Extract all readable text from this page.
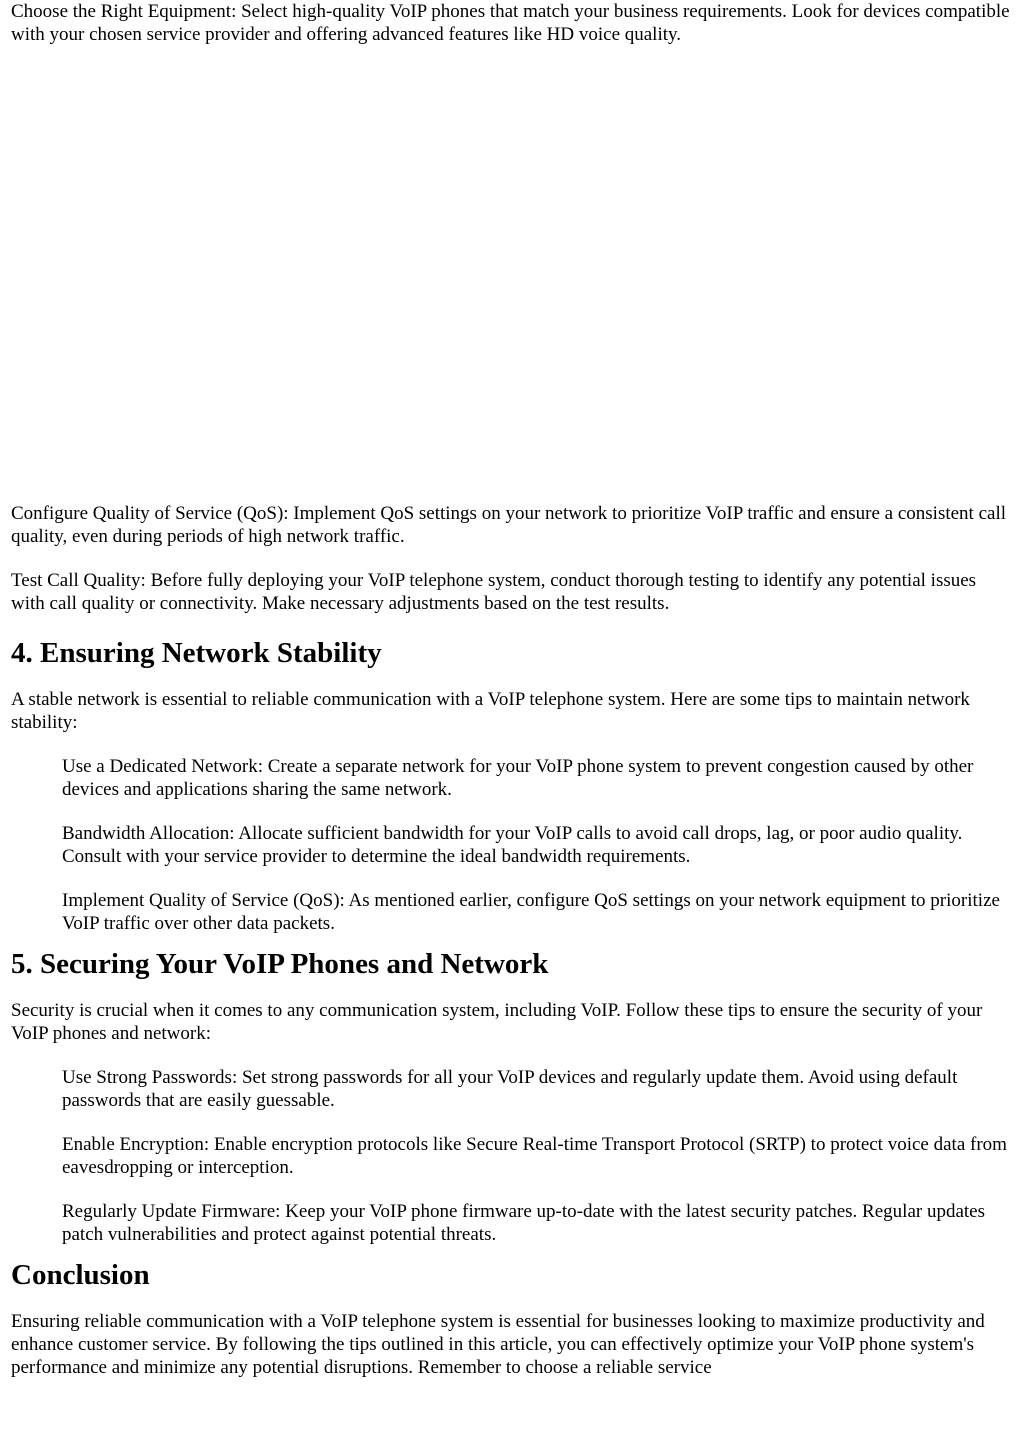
Choose the Right Equipment: Select high-quality VoIP phones that match your business requirements. Look for devices compatible with your chosen service provider and offering advanced features like HD voice quality.

Configure Quality of Service (QoS): Implement QoS settings on your network to prioritize VoIP traffic and ensure a consistent call quality, even during periods of high network traffic.

Test Call Quality: Before fully deploying your VoIP telephone system, conduct thorough testing to identify any potential issues with call quality or connectivity. Make necessary adjustments based on the test results.

4. Ensuring Network Stability

A stable network is essential to reliable communication with a VoIP telephone system. Here are some tips to maintain network stability:

Use a Dedicated Network: Create a separate network for your VoIP phone system to prevent congestion caused by other devices and applications sharing the same network.

Bandwidth Allocation: Allocate sufficient bandwidth for your VoIP calls to avoid call drops, lag, or poor audio quality. Consult with your service provider to determine the ideal bandwidth requirements.

Implement Quality of Service (QoS): As mentioned earlier, configure QoS settings on your network equipment to prioritize VoIP traffic over other data packets.

5. Securing Your VoIP Phones and Network

Security is crucial when it comes to any communication system, including VoIP. Follow these tips to ensure the security of your VoIP phones and network:

Use Strong Passwords: Set strong passwords for all your VoIP devices and regularly update them. Avoid using default passwords that are easily guessable.

Enable Encryption: Enable encryption protocols like Secure Real-time Transport Protocol (SRTP) to protect voice data from eavesdropping or interception.

Regularly Update Firmware: Keep your VoIP phone firmware up-to-date with the latest security patches. Regular updates patch vulnerabilities and protect against potential threats.

Conclusion

Ensuring reliable communication with a VoIP telephone system is essential for businesses looking to maximize productivity and enhance customer service. By following the tips outlined in this article, you can effectively optimize your VoIP phone system's performance and minimize any potential disruptions. Remember to choose a reliable service
